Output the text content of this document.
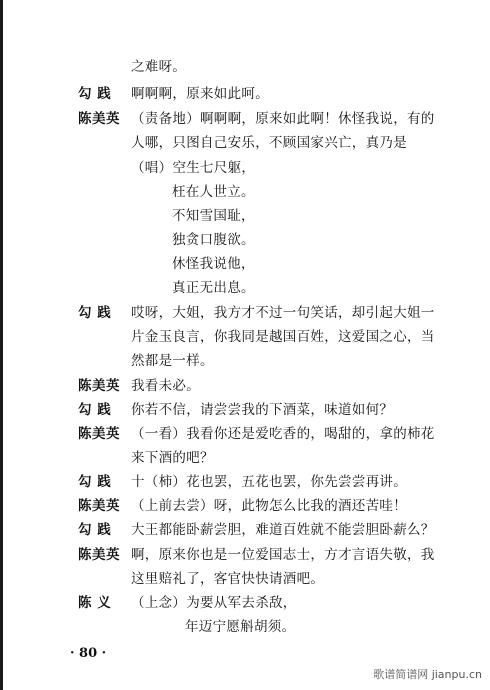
之难呀。
勾 践 啊啊啊，原来如此呵。
陈美英 （责备地）啊啊啊，原来如此啊！休怪我说，有的
人哪，只图自己安乐，不顾国家兴亡，真乃是
（唱）空生七尺躯，
枉在人世立。
不知雪国耻，
独贪口腹欲。
休怪我说他，
真正无出息。
勾 践 哎呀，大姐，我方才不过一句笑话，却引起大姐一
片金玉良言，你我同是越国百姓，这爱国之心，当
然都是一样。
陈美英 我看未必。
勾 践 你若不信，请尝尝我的下酒菜，味道如何？
陈美英 （一看）我看你还是爱吃香的，喝甜的，拿的柿花
来下酒的吧？
勾 践 十（柿）花也罢，五花也罢，你先尝尝再讲。
陈美英 （上前去尝）呀，此物怎么比我的酒还苦哇！
勾 践 大王都能卧薪尝胆，难道百姓就不能尝胆卧薪么？
陈美英 啊，原来你也是一位爱国志士，方才言语失敬，我
这里赔礼了，客官快快请酒吧。
陈 义 （上念）为要从军去杀敌，
年迈宁愿斛胡须。
· 80 ·
歌谱简谱网 jianpu.cn
